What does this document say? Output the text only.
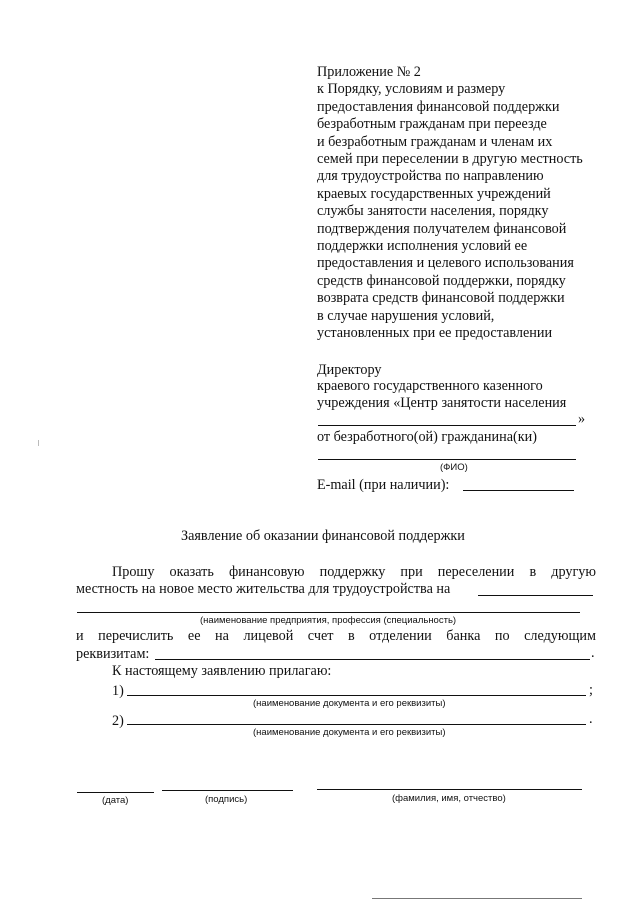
Приложение № 2
к Порядку, условиям и размеру
предоставления финансовой поддержки
безработным гражданам при переезде
и безработным гражданам и членам их
семей при переселении в другую местность
для трудоустройства по направлению
краевых государственных учреждений
службы занятости населения, порядку
подтверждения получателем финансовой
поддержки исполнения условий ее
предоставления и целевого использования
средств финансовой поддержки, порядку
возврата средств финансовой поддержки
в случае нарушения условий,
установленных при ее предоставлении
Директору
краевого государственного казенного
учреждения «Центр занятости населения
»
от безработного(ой) гражданина(ки)
(ФИО)
E-mail (при наличии):
Заявление об оказании финансовой поддержки
Прошу оказать финансовую поддержку при переселении в другую
местность на новое место жительства для трудоустройства на
(наименование предприятия, профессия (специальность)
и перечислить ее на лицевой счет в отделении банка по следующим
реквизитам:	.
К настоящему заявлению прилагаю:
1)	;
(наименование документа и его реквизиты)
2)	.
(наименование документа и его реквизиты)
(дата)	(подпись)	(фамилия, имя, отчество)
